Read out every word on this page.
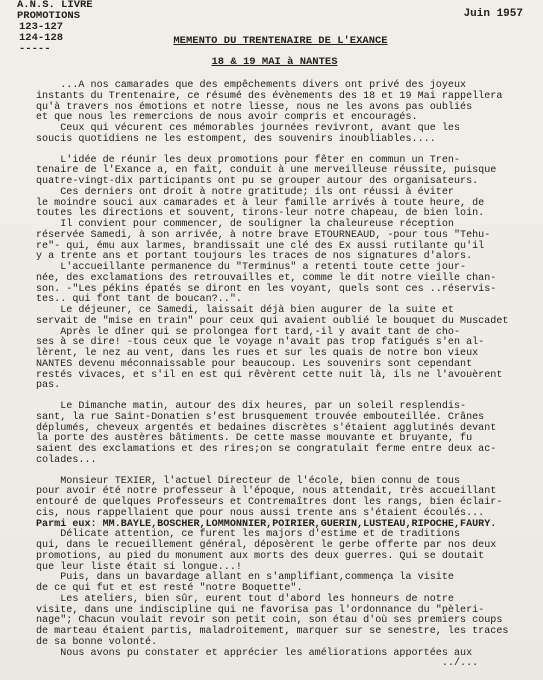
A.N.S. LIVRE
PROMOTIONS
123-127
124-128
-----
Juin 1957
MEMENTO DU TRENTENAIRE DE L'EXANCE
18 & 19 MAI à NANTES
...A nos camarades que des empêchements divers ont privé des joyeux
instants du Trentenaire, ce résumé des évènements des 18 et 19 Mai rappellera
qu'à travers nos émotions et notre liesse, nous ne les avons pas oubliés
et que nous les remercions de nous avoir compris et encouragés.
Ceux qui vécurent ces mémorables journées revivront, avant que les
soucis quotidiens ne les estompent, des souvenirs inoubliables....
L'idée de réunir les deux promotions pour fêter en commun un Tren-
tenaire de l'Exance a, en fait, conduit à une merveilleuse réussite, puisque
quatre-vingt-dix participants ont pu se grouper autour des organisateurs.
Ces derniers ont droit à notre gratitude; ils ont réussi à éviter
le moindre souci aux camarades et à leur famille arrivés à toute heure, de
toutes les directions et souvent, tirons-leur notre chapeau, de bien loin.
Il convient pour commencer, de souligner la chaleureuse réception
réservée Samedi, à son arrivée, à notre brave ETOURNEAUD, -pour tous "Tehu-
re"- qui, ému aux larmes, brandissait une clé des Ex aussi rutilante qu'il
y a trente ans et portant toujours les traces de nos signatures d'alors.
L'accueillante permanence du "Terminus" a retenti toute cette jour-
née, des exclamations des retrouvailles et, comme le dit notre vieille chan-
son. -"Les pékins épatés se diront en les voyant, quels sont ces ..réservis-
tes.. qui font tant de boucan?..".
Le déjeuner, ce Samedi, laissait déjà bien augurer de la suite et
servait de "mise en train" pour ceux qui avaient oublié le bouquet du Muscadet
Après le dîner qui se prolongea fort tard,-il y avait tant de cho-
ses à se dire! -tous ceux que le voyage n'avait pas trop fatigués s'en al-
lèrent, le nez au vent, dans les rues et sur les quais de notre bon vieux
NANTES devenu méconnaissable pour beaucoup. Les souvenirs sont cependant
restés vivaces, et s'il en est qui rêvèrent cette nuit là, ils ne l'avouèrent
pas.
Le Dimanche matin, autour des dix heures, par un soleil resplendis-
sant, la rue Saint-Donatien s'est brusquement trouvée embouteillée. Crânes
déplumés, cheveux argentés et bedaines discrètes s'étaient agglutinés devant
la porte des austères bâtiments. De cette masse mouvante et bruyante, fu
saient des exclamations et des rires;on se congratulait ferme entre deux ac-
colades...
Monsieur TEXIER, l'actuel Directeur de l'école, bien connu de tous
pour avoir été notre professeur à l'époque, nous attendait, très accueillant
entouré de quelques Professeurs et Contremaîtres dont les rangs, bien éclair-
cis, nous rappellaient que pour nous aussi trente ans s'étaient écoulés...
Parmi eux: MM.BAYLE,BOSCHER,LOMMONNIER,POIRIER,GUERIN,LUSTEAU,RIPOCHE,FAURY.
Délicate attention, ce furent les majors d'estime et de traditions
qui, dans le recueillement général, déposèrent le gerbe offerte par nos deux
promotions, au pied du monument aux morts des deux guerres. Qui se doutait
que leur liste était si longue...!
Puis, dans un bavardage allant en s'amplifiant,commença la visite
de ce qui fut et est resté "notre Boquette".
Les ateliers, bien sûr, eurent tout d'abord les honneurs de notre
visite, dans une indiscipline qui ne favorisa pas l'ordonnance du "pèleri-
nage"; Chacun voulait revoir son petit coin, son étau d'où ses premiers coups
de marteau étaient partis, maladroitement, marquer sur se senestre, les traces
de sa bonne volonté.
Nous avons pu constater et apprécier les améliorations apportées aux
../...
